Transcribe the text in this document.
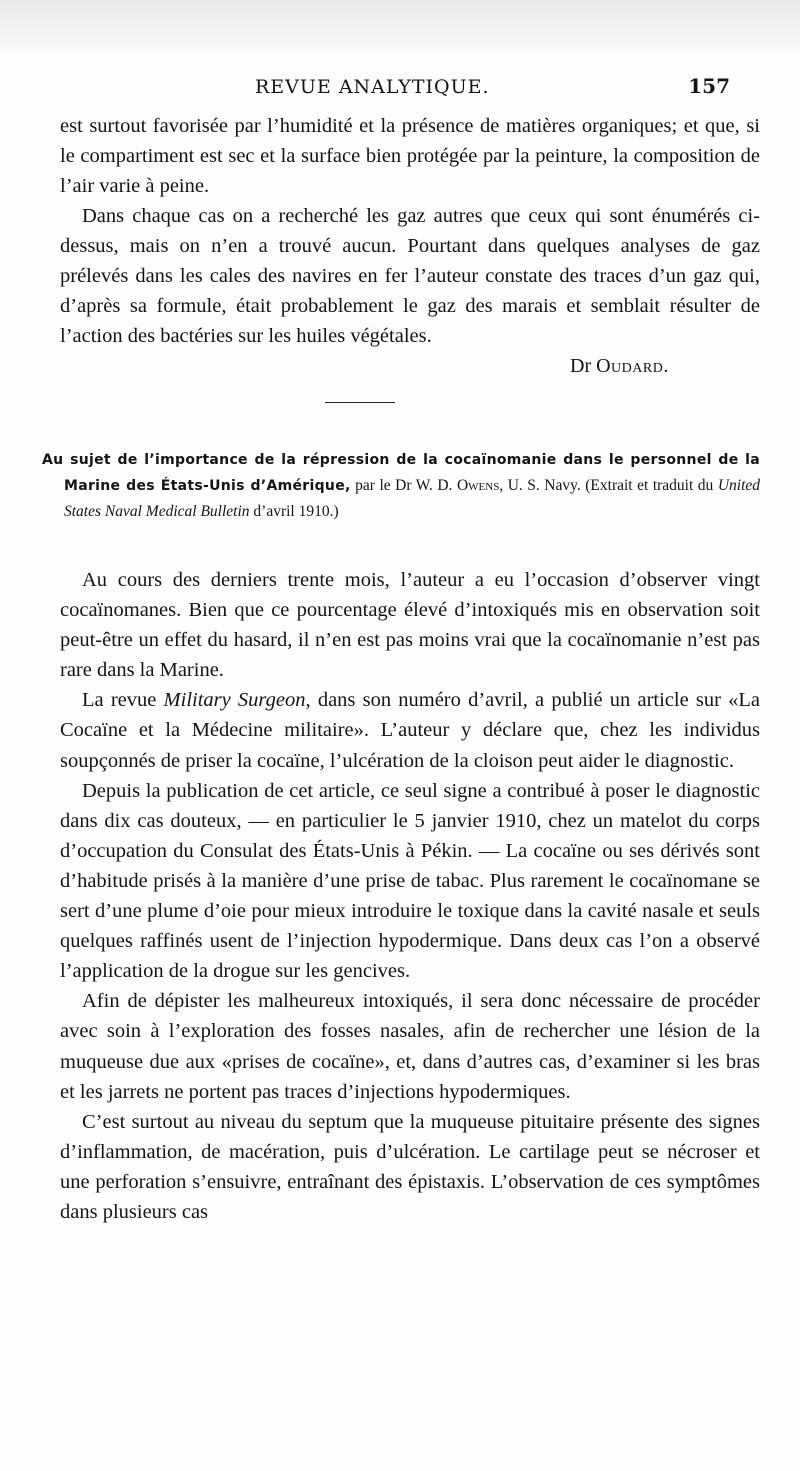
REVUE ANALYTIQUE.	157

est surtout favorisée par l’humidité et la présence de matières organiques; et que, si le compartiment est sec et la surface bien protégée par la peinture, la composition de l’air varie à peine.

Dans chaque cas on a recherché les gaz autres que ceux qui sont énumérés ci-dessus, mais on n’en a trouvé aucun. Pourtant dans quelques analyses de gaz prélevés dans les cales des navires en fer l’auteur constate des traces d’un gaz qui, d’après sa formule, était probablement le gaz des marais et semblait résulter de l’action des bactéries sur les huiles végétales.

Dr Oudard.
Au sujet de l’importance de la répression de la cocaïnomanie dans le personnel de la Marine des États-Unis d’Amérique, par le Dr W. D. Owens, U. S. Navy. (Extrait et traduit du United States Naval Medical Bulletin d’avril 1910.)

Au cours des derniers trente mois, l’auteur a eu l’occasion d’observer vingt cocaïnomanes. Bien que ce pourcentage élevé d’intoxiqués mis en observation soit peut-être un effet du hasard, il n’en est pas moins vrai que la cocaïnomanie n’est pas rare dans la Marine.

La revue Military Surgeon, dans son numéro d’avril, a publié un article sur «La Cocaïne et la Médecine militaire». L’auteur y déclare que, chez les individus soupçonnés de priser la cocaïne, l’ulcération de la cloison peut aider le diagnostic.

Depuis la publication de cet article, ce seul signe a contribué à poser le diagnostic dans dix cas douteux, — en particulier le 5 janvier 1910, chez un matelot du corps d’occupation du Consulat des États-Unis à Pékin. — La cocaïne ou ses dérivés sont d’habitude prisés à la manière d’une prise de tabac. Plus rarement le cocaïnomane se sert d’une plume d’oie pour mieux introduire le toxique dans la cavité nasale et seuls quelques raffinés usent de l’injection hypodermique. Dans deux cas l’on a observé l’application de la drogue sur les gencives.

Afin de dépister les malheureux intoxiqués, il sera donc nécessaire de procéder avec soin à l’exploration des fosses nasales, afin de rechercher une lésion de la muqueuse due aux «prises de cocaïne», et, dans d’autres cas, d’examiner si les bras et les jarrets ne portent pas traces d’injections hypodermiques.

C’est surtout au niveau du septum que la muqueuse pituitaire présente des signes d’inflammation, de macération, puis d’ulcération. Le cartilage peut se nécroser et une perforation s’ensuivre, entraînant des épistaxis. L’observation de ces symptômes dans plusieurs cas
